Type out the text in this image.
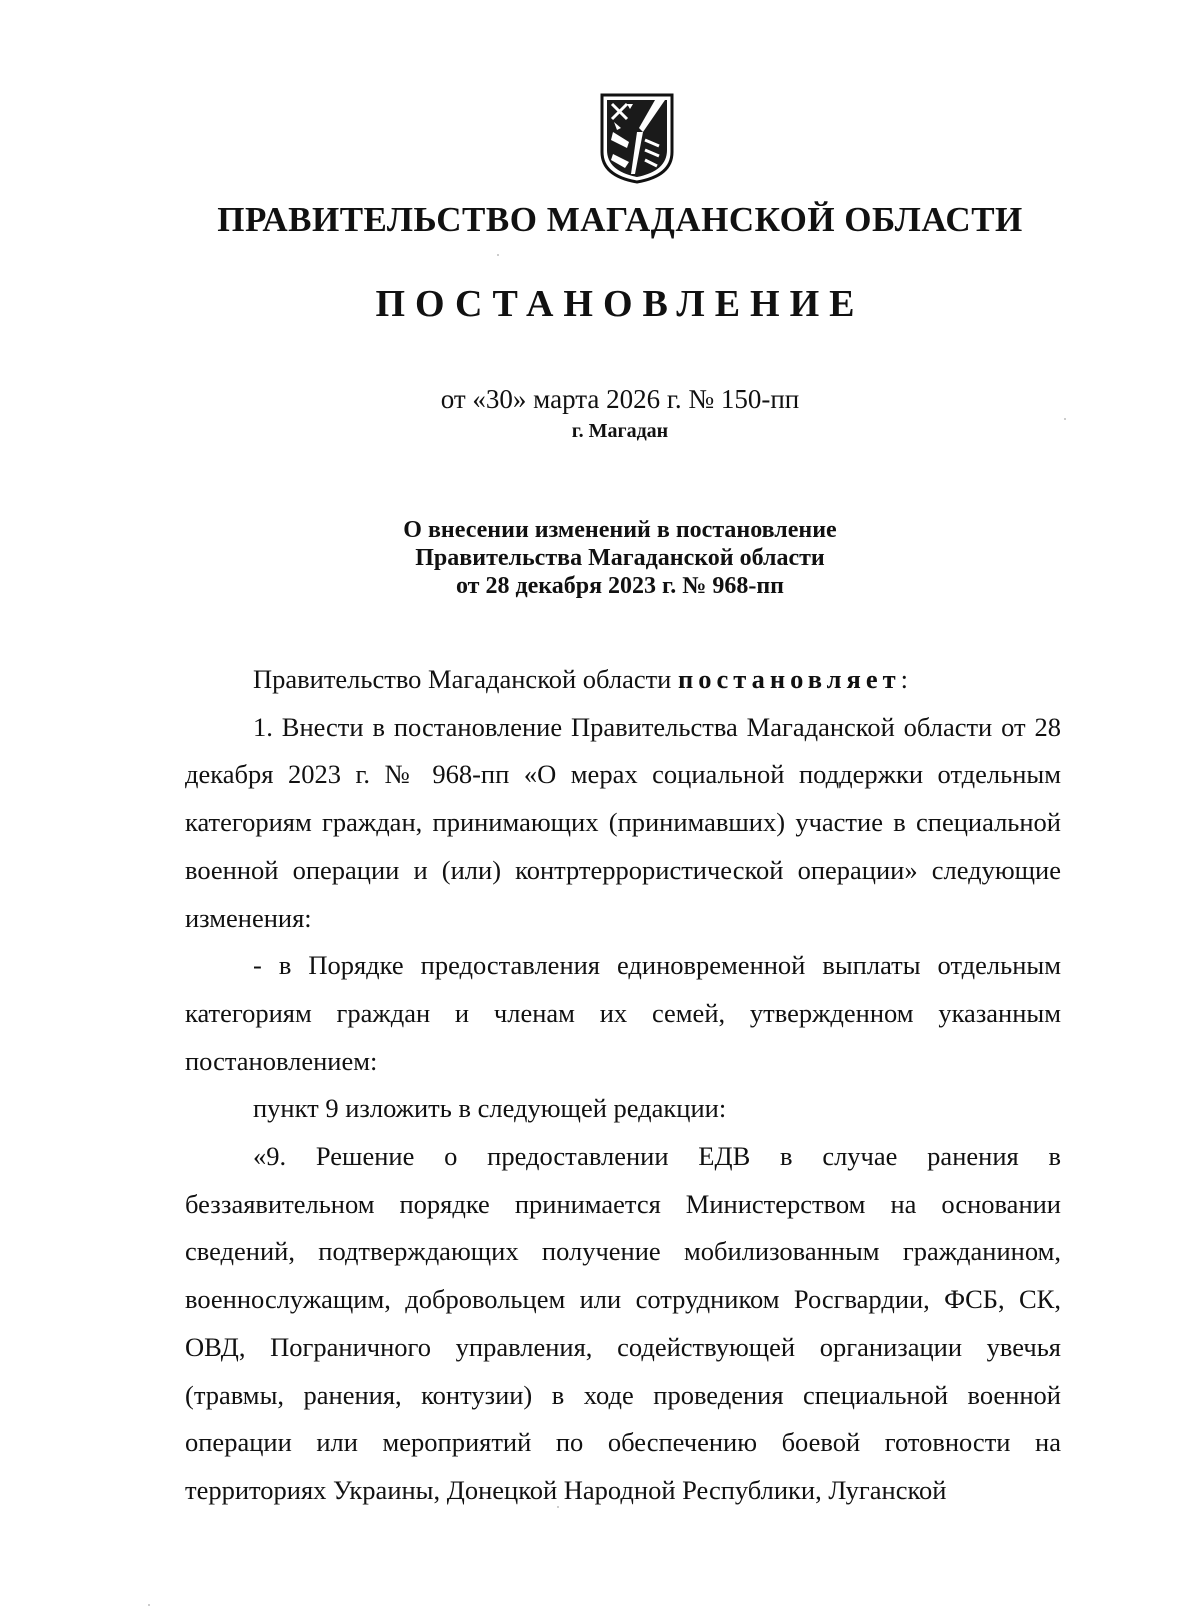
ПРАВИТЕЛЬСТВО МАГАДАНСКОЙ ОБЛАСТИ
ПОСТАНОВЛЕНИЕ
от «30» марта 2026 г. № 150-пп
г. Магадан
О внесении изменений в постановление
Правительства Магаданской области
от 28 декабря 2023 г. № 968-пп

Правительство Магаданской области постановляет:

1. Внести в постановление Правительства Магаданской области от 28 декабря 2023 г. № 968-пп «О мерах социальной поддержки отдельным категориям граждан, принимающих (принимавших) участие в специальной военной операции и (или) контртеррористической операции» следующие изменения:

- в Порядке предоставления единовременной выплаты отдельным категориям граждан и членам их семей, утвержденном указанным постановлением:

пункт 9 изложить в следующей редакции:

«9. Решение о предоставлении ЕДВ в случае ранения в беззаявительном порядке принимается Министерством на основании сведений, подтверждающих получение мобилизованным гражданином, военнослужащим, добровольцем или сотрудником Росгвардии, ФСБ, СК, ОВД, Пограничного управления, содействующей организации увечья (травмы, ранения, контузии) в ходе проведения специальной военной операции или мероприятий по обеспечению боевой готовности на территориях Украины, Донецкой Народной Республики, Луганской
